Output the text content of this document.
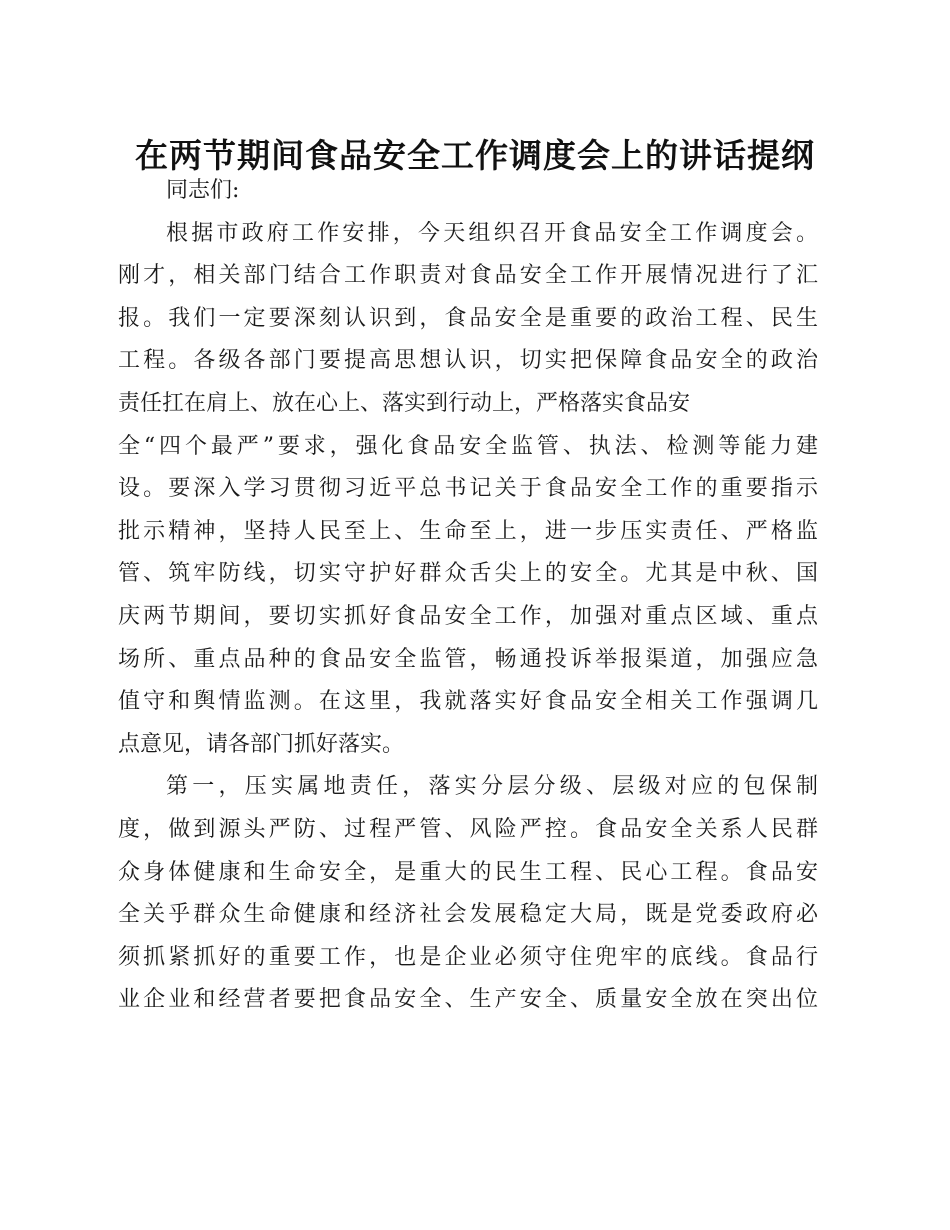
在两节期间食品安全工作调度会上的讲话提纲
同志们:
根据市政府工作安排，今天组织召开食品安全工作调度会。
刚才，相关部门结合工作职责对食品安全工作开展情况进行了汇
报。我们一定要深刻认识到，食品安全是重要的政治工程、民生
工程。各级各部门要提高思想认识，切实把保障食品安全的政治
责任扛在肩上、放在心上、落实到行动上，严格落实食品安
全“四个最严”要求，强化食品安全监管、执法、检测等能力建
设。要深入学习贯彻习近平总书记关于食品安全工作的重要指示
批示精神，坚持人民至上、生命至上，进一步压实责任、严格监
管、筑牢防线，切实守护好群众舌尖上的安全。尤其是中秋、国
庆两节期间，要切实抓好食品安全工作，加强对重点区域、重点
场所、重点品种的食品安全监管，畅通投诉举报渠道，加强应急
值守和舆情监测。在这里，我就落实好食品安全相关工作强调几
点意见，请各部门抓好落实。
第一，压实属地责任，落实分层分级、层级对应的包保制
度，做到源头严防、过程严管、风险严控。食品安全关系人民群
众身体健康和生命安全，是重大的民生工程、民心工程。食品安
全关乎群众生命健康和经济社会发展稳定大局，既是党委政府必
须抓紧抓好的重要工作，也是企业必须守住兜牢的底线。食品行
业企业和经营者要把食品安全、生产安全、质量安全放在突出位
